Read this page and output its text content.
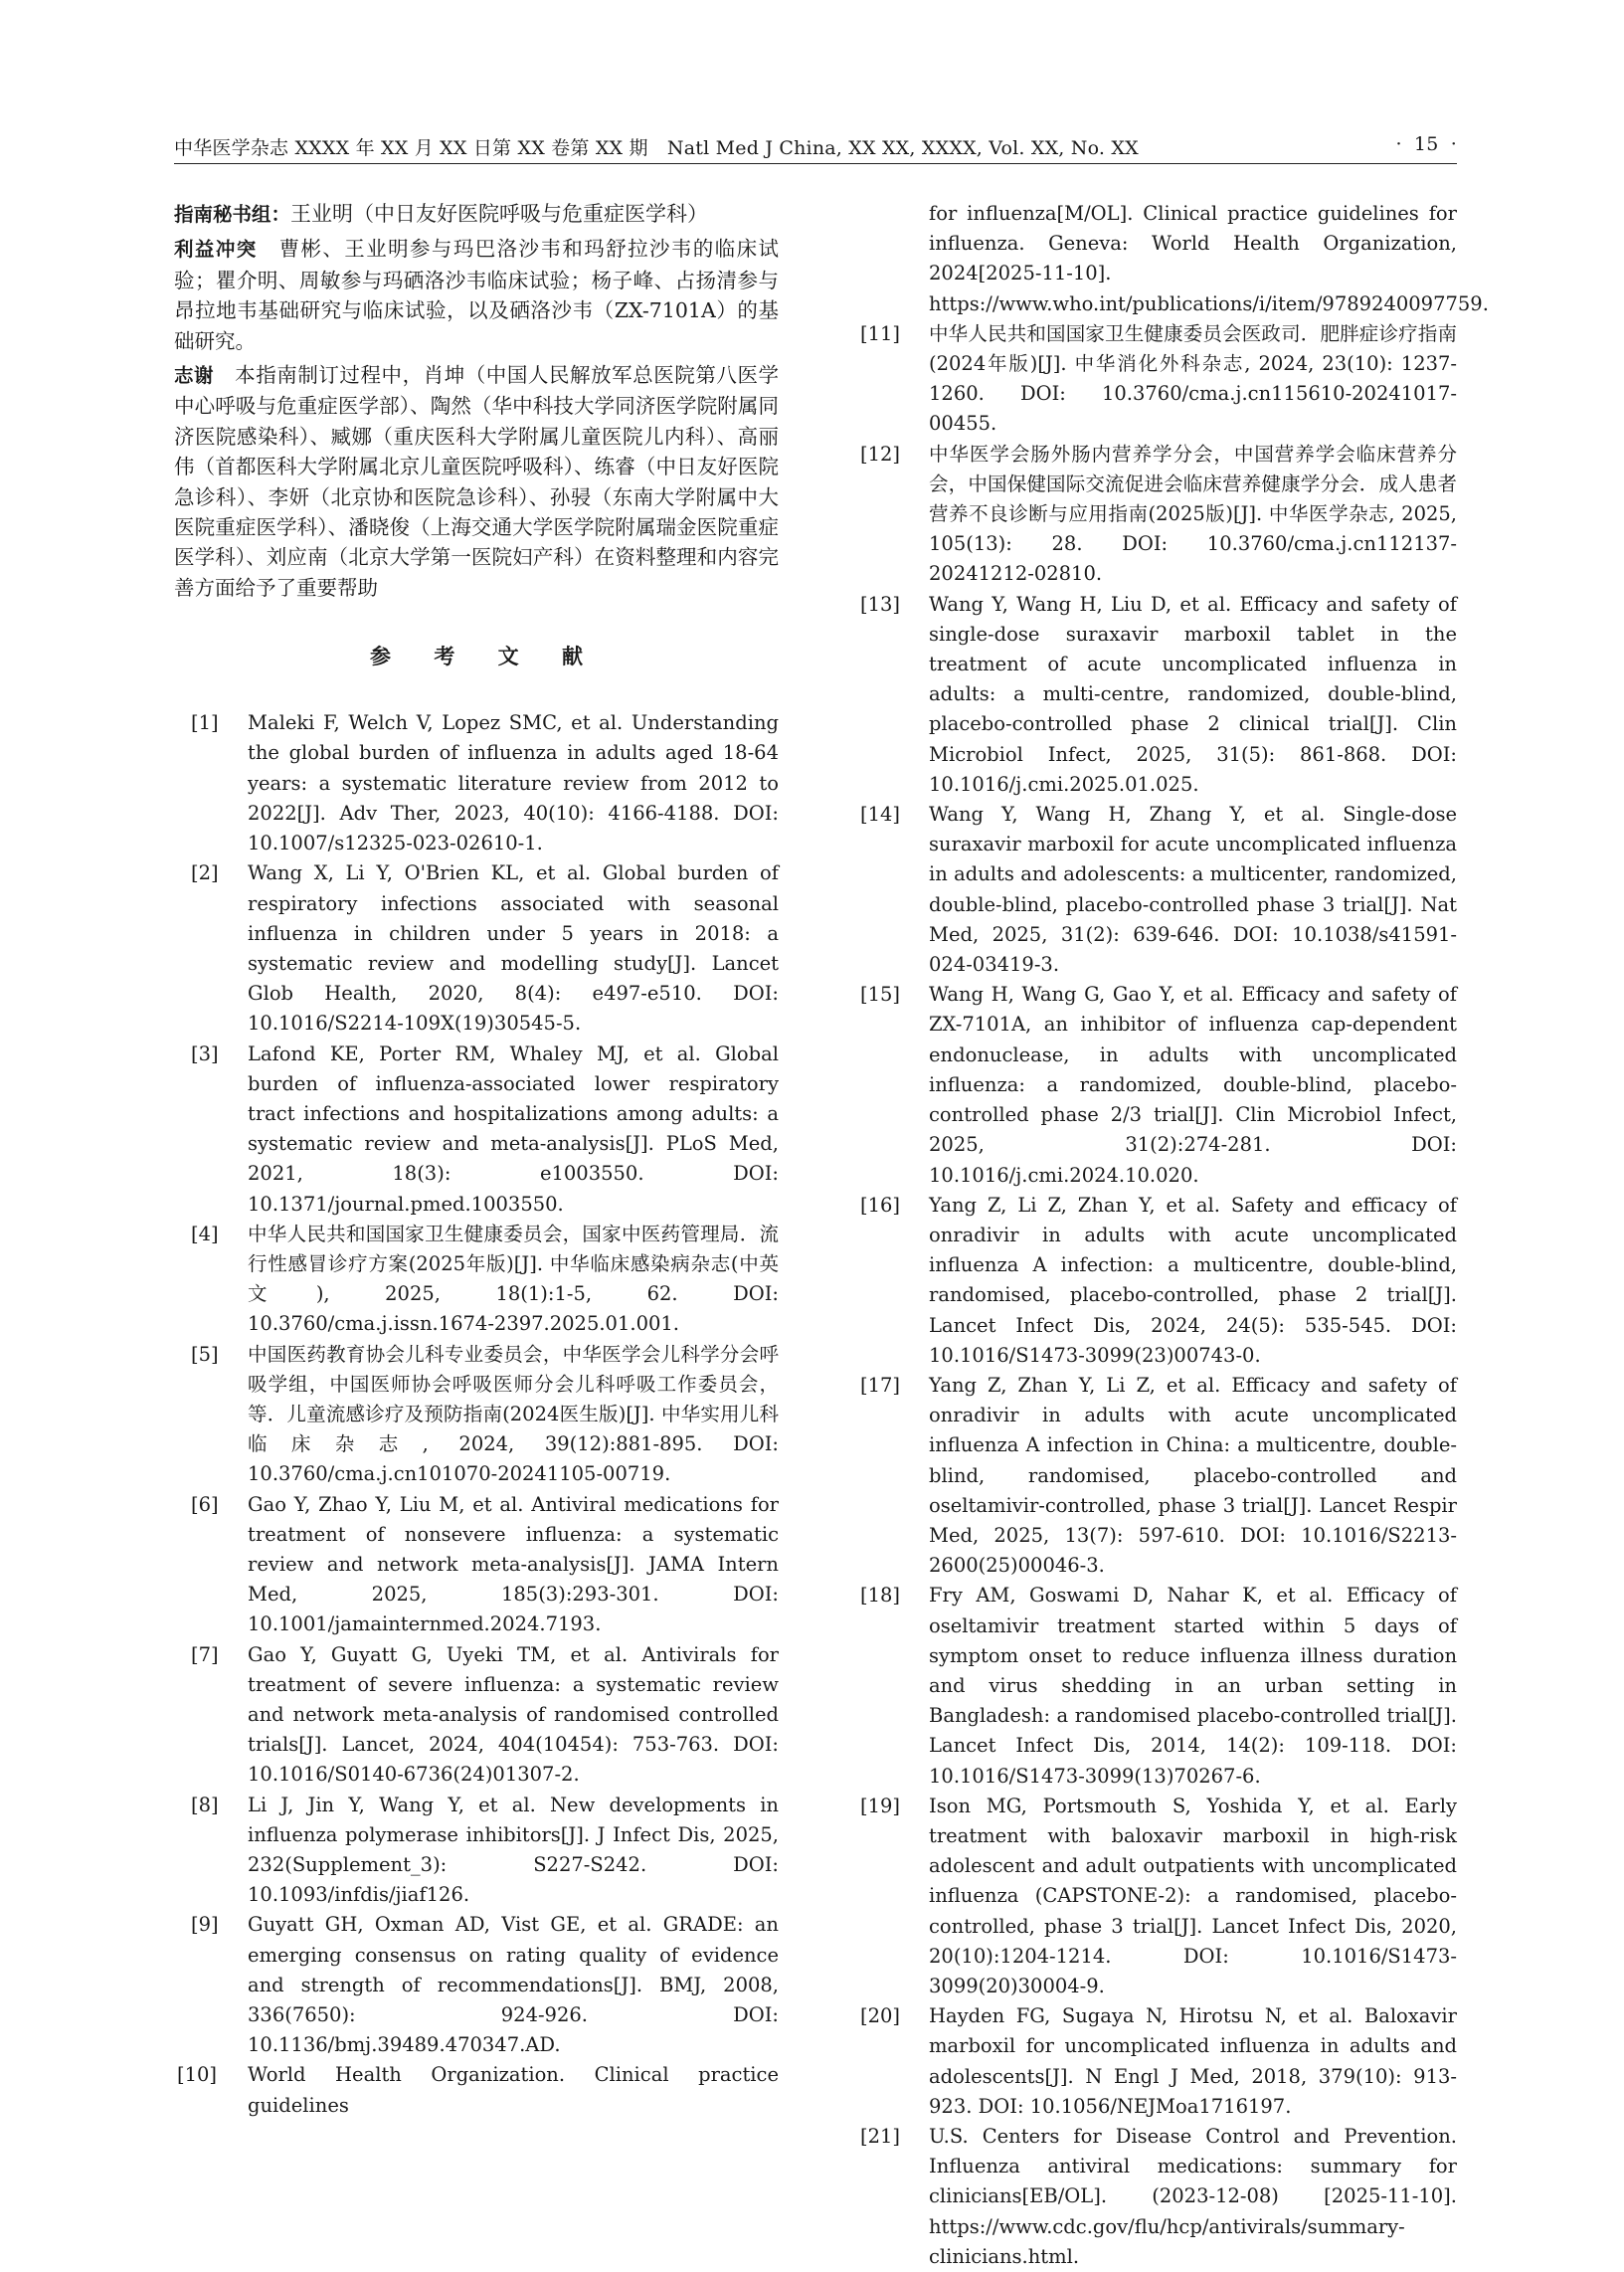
中华医学杂志 XXXX 年 XX 月 XX 日第 XX 卷第 XX 期　Natl Med J China, XX XX, XXXX, Vol. XX, No. XX	· 15 ·

指南秘书组：王业明（中日友好医院呼吸与危重症医学科）

利益冲突　 曹彬、王业明参与玛巴洛沙韦和玛舒拉沙韦的临床试验；瞿介明、周敏参与玛硒洛沙韦临床试验；杨子峰、占扬清参与昂拉地韦基础研究与临床试验，以及硒洛沙韦（ZX-7101A）的基础研究。

志谢　 本指南制订过程中，肖坤（中国人民解放军总医院第八医学中心呼吸与危重症医学部）、陶然（华中科技大学同济医学院附属同济医院感染科）、臧娜（重庆医科大学附属儿童医院儿内科）、高丽伟（首都医科大学附属北京儿童医院呼吸科）、练睿（中日友好医院急诊科）、李妍（北京协和医院急诊科）、孙骎（东南大学附属中大医院重症医学科）、潘晓俊（上海交通大学医学院附属瑞金医院重症医学科）、刘应南（北京大学第一医院妇产科）在资料整理和内容完善方面给予了重要帮助

参 考 文 献

[1] Maleki F, Welch V, Lopez SMC, et al. Understanding the global burden of influenza in adults aged 18-64 years: a systematic literature review from 2012 to 2022[J]. Adv Ther, 2023, 40(10): 4166-4188. DOI: 10.1007/s12325-023-02610-1.

[2] Wang X, Li Y, O'Brien KL, et al. Global burden of respiratory infections associated with seasonal influenza in children under 5 years in 2018: a systematic review and modelling study[J]. Lancet Glob Health, 2020, 8(4): e497-e510. DOI: 10.1016/S2214-109X(19)30545-5.

[3] Lafond KE, Porter RM, Whaley MJ, et al. Global burden of influenza-associated lower respiratory tract infections and hospitalizations among adults: a systematic review and meta-analysis[J]. PLoS Med, 2021, 18(3): e1003550. DOI: 10.1371/journal.pmed.1003550.

[4] 中华人民共和国国家卫生健康委员会，国家中医药管理局．流行性感冒诊疗方案(2025年版)[J]. 中华临床感染病杂志(中英文), 2025, 18(1):1-5, 62. DOI: 10.3760/cma.j.issn.1674-2397.2025.01.001.

[5] 中国医药教育协会儿科专业委员会，中华医学会儿科学分会呼吸学组，中国医师协会呼吸医师分会儿科呼吸工作委员会，等．儿童流感诊疗及预防指南(2024医生版)[J]. 中华实用儿科临床杂志, 2024, 39(12):881-895. DOI: 10.3760/cma.j.cn101070-20241105-00719.

[6] Gao Y, Zhao Y, Liu M, et al. Antiviral medications for treatment of nonsevere influenza: a systematic review and network meta-analysis[J]. JAMA Intern Med, 2025, 185(3):293-301. DOI: 10.1001/jamainternmed.2024.7193.

[7] Gao Y, Guyatt G, Uyeki TM, et al. Antivirals for treatment of severe influenza: a systematic review and network meta-analysis of randomised controlled trials[J]. Lancet, 2024, 404(10454): 753-763. DOI: 10.1016/S0140-6736(24)01307-2.

[8] Li J, Jin Y, Wang Y, et al. New developments in influenza polymerase inhibitors[J]. J Infect Dis, 2025, 232(Supplement_3): S227-S242. DOI: 10.1093/infdis/jiaf126.

[9] Guyatt GH, Oxman AD, Vist GE, et al. GRADE: an emerging consensus on rating quality of evidence and strength of recommendations[J]. BMJ, 2008, 336(7650): 924-926. DOI: 10.1136/bmj.39489.470347.AD.

[10] World Health Organization. Clinical practice guidelines

for influenza[M/OL]. Clinical practice guidelines for influenza. Geneva: World Health Organization, 2024[2025-11-10]. https://www.who.int/publications/i/item/9789240097759.

[11] 中华人民共和国国家卫生健康委员会医政司．肥胖症诊疗指南(2024年版)[J]. 中华消化外科杂志, 2024, 23(10): 1237-1260. DOI: 10.3760/cma.j.cn115610-20241017-00455.

[12] 中华医学会肠外肠内营养学分会，中国营养学会临床营养分会，中国保健国际交流促进会临床营养健康学分会．成人患者营养不良诊断与应用指南(2025版)[J]. 中华医学杂志, 2025, 105(13): 28. DOI: 10.3760/cma.j.cn112137-20241212-02810.

[13] Wang Y, Wang H, Liu D, et al. Efficacy and safety of single-dose suraxavir marboxil tablet in the treatment of acute uncomplicated influenza in adults: a multi-centre, randomized, double-blind, placebo-controlled phase 2 clinical trial[J]. Clin Microbiol Infect, 2025, 31(5): 861-868. DOI: 10.1016/j.cmi.2025.01.025.

[14] Wang Y, Wang H, Zhang Y, et al. Single-dose suraxavir marboxil for acute uncomplicated influenza in adults and adolescents: a multicenter, randomized, double-blind, placebo-controlled phase 3 trial[J]. Nat Med, 2025, 31(2): 639-646. DOI: 10.1038/s41591-024-03419-3.

[15] Wang H, Wang G, Gao Y, et al. Efficacy and safety of ZX-7101A, an inhibitor of influenza cap-dependent endonuclease, in adults with uncomplicated influenza: a randomized, double-blind, placebo-controlled phase 2/3 trial[J]. Clin Microbiol Infect, 2025, 31(2):274-281. DOI: 10.1016/j.cmi.2024.10.020.

[16] Yang Z, Li Z, Zhan Y, et al. Safety and efficacy of onradivir in adults with acute uncomplicated influenza A infection: a multicentre, double-blind, randomised, placebo-controlled, phase 2 trial[J]. Lancet Infect Dis, 2024, 24(5): 535-545. DOI: 10.1016/S1473-3099(23)00743-0.

[17] Yang Z, Zhan Y, Li Z, et al. Efficacy and safety of onradivir in adults with acute uncomplicated influenza A infection in China: a multicentre, double-blind, randomised, placebo-controlled and oseltamivir-controlled, phase 3 trial[J]. Lancet Respir Med, 2025, 13(7): 597-610. DOI: 10.1016/S2213-2600(25)00046-3.

[18] Fry AM, Goswami D, Nahar K, et al. Efficacy of oseltamivir treatment started within 5 days of symptom onset to reduce influenza illness duration and virus shedding in an urban setting in Bangladesh: a randomised placebo-controlled trial[J]. Lancet Infect Dis, 2014, 14(2): 109-118. DOI: 10.1016/S1473-3099(13)70267-6.

[19] Ison MG, Portsmouth S, Yoshida Y, et al. Early treatment with baloxavir marboxil in high-risk adolescent and adult outpatients with uncomplicated influenza (CAPSTONE-2): a randomised, placebo-controlled, phase 3 trial[J]. Lancet Infect Dis, 2020, 20(10):1204-1214. DOI: 10.1016/S1473-3099(20)30004-9.

[20] Hayden FG, Sugaya N, Hirotsu N, et al. Baloxavir marboxil for uncomplicated influenza in adults and adolescents[J]. N Engl J Med, 2018, 379(10): 913-923. DOI: 10.1056/NEJMoa1716197.

[21] U.S. Centers for Disease Control and Prevention. Influenza antiviral medications: summary for clinicians[EB/OL]. (2023-12-08) [2025-11-10]. https://www.cdc.gov/flu/hcp/antivirals/summary-clinicians.html.
